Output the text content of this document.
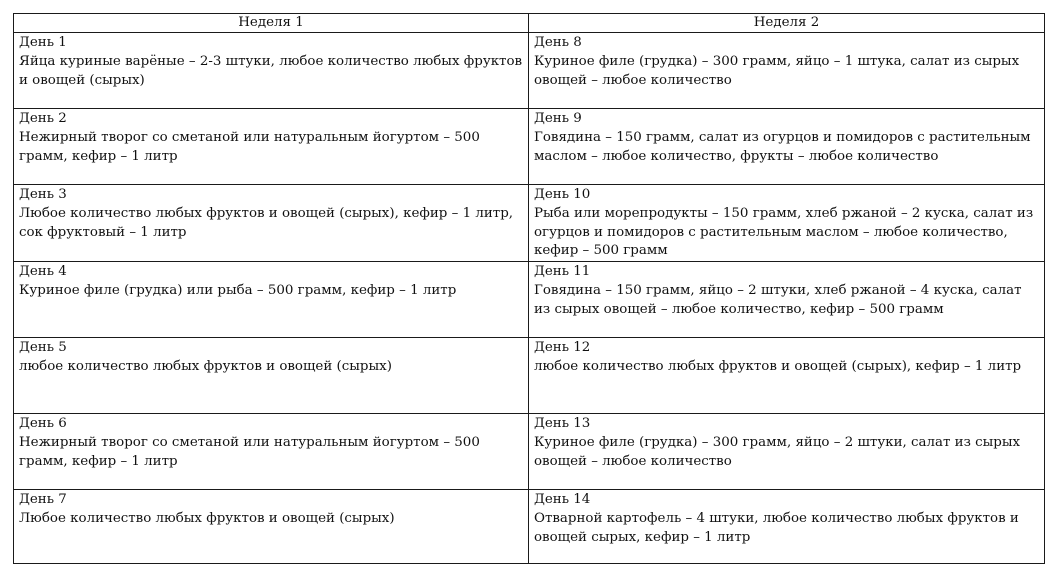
Неделя 1	Неделя 2

День 1
Яйца куриные варёные – 2-3 штуки, любое количество любых фруктов и овощей (сырых)	День 8
Куриное филе (грудка) – 300 грамм, яйцо – 1 штука, салат из сырых овощей – любое количество

День 2
Нежирный творог со сметаной или натуральным йогуртом – 500 грамм, кефир – 1 литр	День 9
Говядина – 150 грамм, салат из огурцов и помидоров с растительным маслом – любое количество, фрукты – любое количество

День 3
Любое количество любых фруктов и овощей (сырых), кефир – 1 литр, сок фруктовый – 1 литр	День 10
Рыба или морепродукты – 150 грамм, хлеб ржаной – 2 куска, салат из огурцов и помидоров с растительным маслом – любое количество, кефир – 500 грамм

День 4
Куриное филе (грудка) или рыба – 500 грамм, кефир – 1 литр	День 11
Говядина – 150 грамм, яйцо – 2 штуки, хлеб ржаной – 4 куска, салат из сырых овощей – любое количество, кефир – 500 грамм

День 5
любое количество любых фруктов и овощей (сырых)	День 12
любое количество любых фруктов и овощей (сырых), кефир – 1 литр

День 6
Нежирный творог со сметаной или натуральным йогуртом – 500 грамм, кефир – 1 литр	День 13
Куриное филе (грудка) – 300 грамм, яйцо – 2 штуки, салат из сырых овощей – любое количество

День 7
Любое количество любых фруктов и овощей (сырых)	День 14
Отварной картофель – 4 штуки, любое количество любых фруктов и овощей сырых, кефир – 1 литр
